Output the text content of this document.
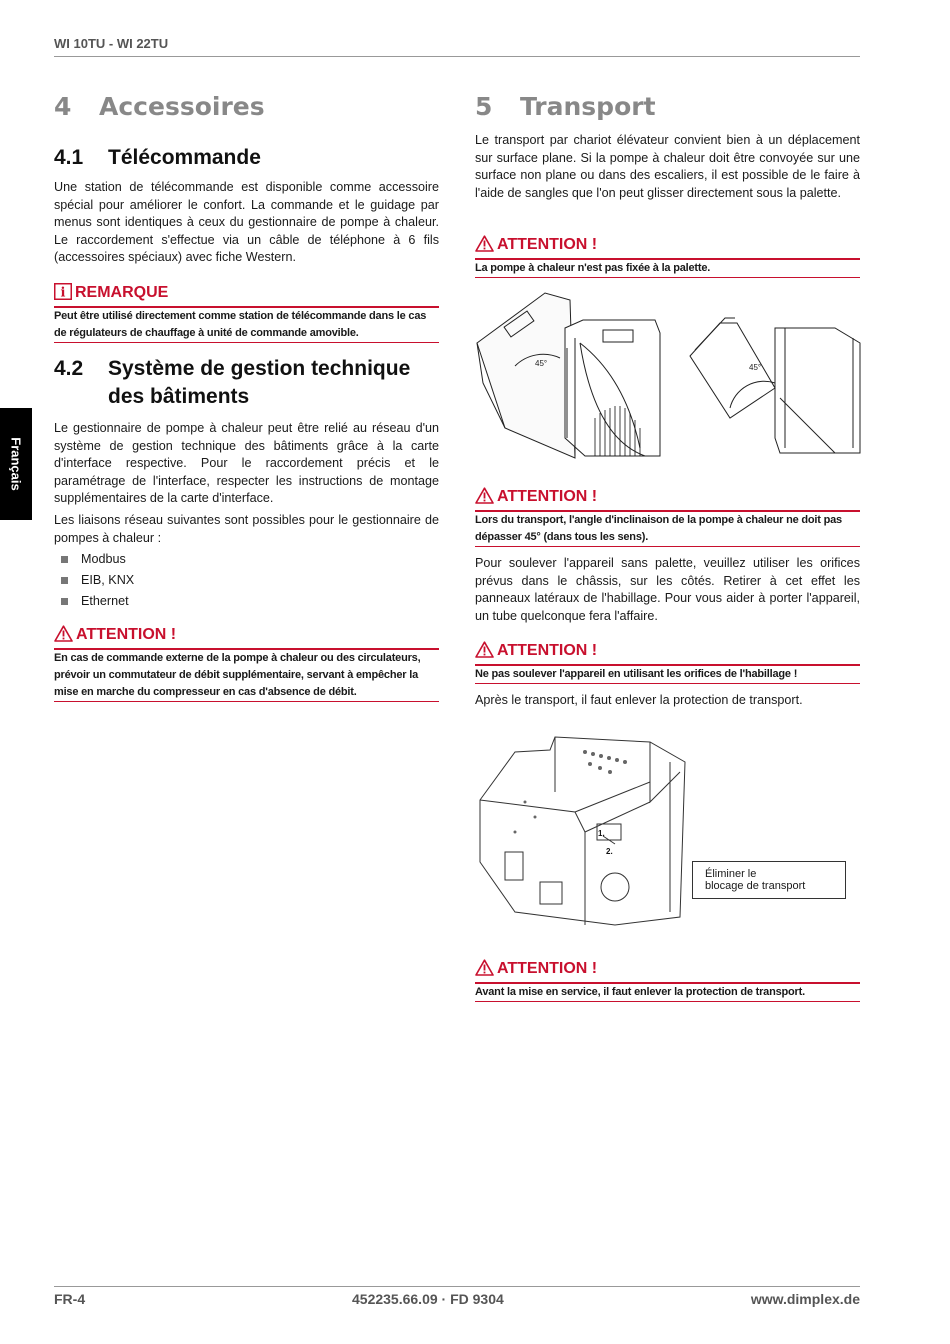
WI 10TU - WI 22TU
Français
4 Accessoires
4.1 Télécommande
Une station de télécommande est disponible comme accessoire spécial pour améliorer le confort. La commande et le guidage par menus sont identiques à ceux du gestionnaire de pompe à chaleur. Le raccordement s'effectue via un câble de téléphone à 6 fils (accessoires spéciaux) avec fiche Western.
i REMARQUE
Peut être utilisé directement comme station de télécommande dans le cas de régulateurs de chauffage à unité de commande amovible.
4.2 Système de gestion technique des bâtiments
Le gestionnaire de pompe à chaleur peut être relié au réseau d'un système de gestion technique des bâtiments grâce à la carte d'interface respective. Pour le raccordement précis et le paramétrage de l'interface, respecter les instructions de montage supplémentaires de la carte d'interface.
Les liaisons réseau suivantes sont possibles pour le gestionnaire de pompes à chaleur :
Modbus
EIB, KNX
Ethernet
ATTENTION !
En cas de commande externe de la pompe à chaleur ou des circulateurs, prévoir un commutateur de débit supplémentaire, servant à empêcher la mise en marche du compresseur en cas d'absence de débit.
5 Transport
Le transport par chariot élévateur convient bien à un déplacement sur surface plane. Si la pompe à chaleur doit être convoyée sur une surface non plane ou dans des escaliers, il est possible de le faire à l'aide de sangles que l'on peut glisser directement sous la palette.
ATTENTION !
La pompe à chaleur n'est pas fixée à la palette.
45°	45°
ATTENTION !
Lors du transport, l'angle d'inclinaison de la pompe à chaleur ne doit pas dépasser 45° (dans tous les sens).
Pour soulever l'appareil sans palette, veuillez utiliser les orifices prévus dans le châssis, sur les côtés. Retirer à cet effet les panneaux latéraux de l'habillage. Pour vous aider à porter l'appareil, un tube quelconque fera l'affaire.
ATTENTION !
Ne pas soulever l'appareil en utilisant les orifices de l'habillage !
Après le transport, il faut enlever la protection de transport.
1.
2.
Éliminer le
blocage de transport
ATTENTION !
Avant la mise en service, il faut enlever la protection de transport.
FR-4	452235.66.09 · FD 9304	www.dimplex.de
